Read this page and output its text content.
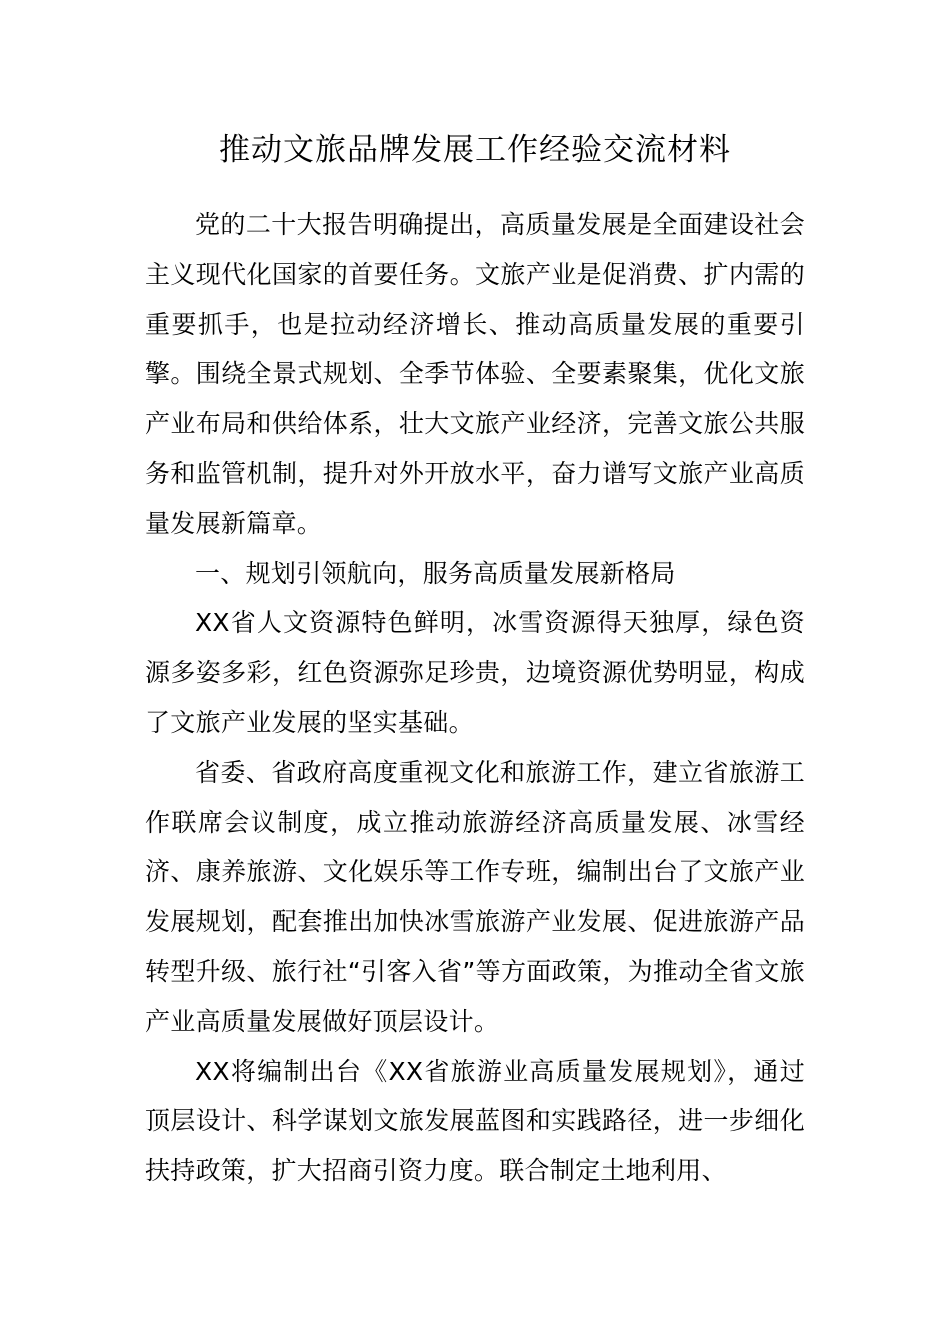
推动文旅品牌发展工作经验交流材料

党的二十大报告明确提出，高质量发展是全面建设社会主义现代化国家的首要任务。文旅产业是促消费、扩内需的重要抓手，也是拉动经济增长、推动高质量发展的重要引擎。围绕全景式规划、全季节体验、全要素聚集，优化文旅产业布局和供给体系，壮大文旅产业经济，完善文旅公共服务和监管机制，提升对外开放水平，奋力谱写文旅产业高质量发展新篇章。

一、规划引领航向，服务高质量发展新格局

XX省人文资源特色鲜明，冰雪资源得天独厚，绿色资源多姿多彩，红色资源弥足珍贵，边境资源优势明显，构成了文旅产业发展的坚实基础。

省委、省政府高度重视文化和旅游工作，建立省旅游工作联席会议制度，成立推动旅游经济高质量发展、冰雪经济、康养旅游、文化娱乐等工作专班，编制出台了文旅产业发展规划，配套推出加快冰雪旅游产业发展、促进旅游产品转型升级、旅行社“引客入省”等方面政策，为推动全省文旅产业高质量发展做好顶层设计。

XX将编制出台《XX省旅游业高质量发展规划》，通过顶层设计、科学谋划文旅发展蓝图和实践路径，进一步细化扶持政策，扩大招商引资力度。联合制定土地利用、
